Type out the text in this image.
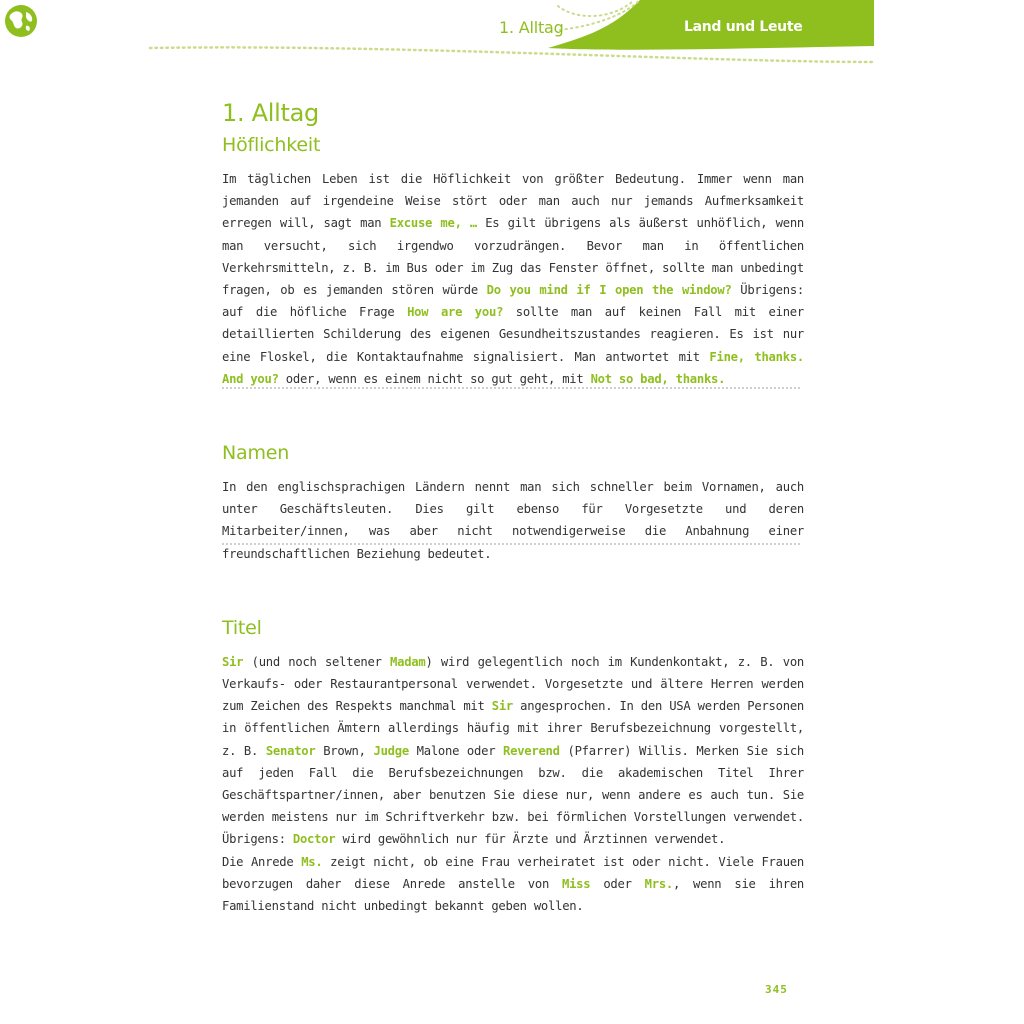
1. Alltag	Land und Leute
1. Alltag
Höflichkeit

Im täglichen Leben ist die Höflichkeit von größter Bedeutung. Immer wenn man jemanden auf irgendeine Weise stört oder man auch nur jemands Aufmerksamkeit erregen will, sagt man Excuse me, … Es gilt übrigens als äußerst unhöflich, wenn man versucht, sich irgendwo vorzudrängen. Bevor man in öffentlichen Verkehrsmitteln, z. B. im Bus oder im Zug das Fenster öffnet, sollte man unbedingt fragen, ob es jemanden stören würde Do you mind if I open the window? Übrigens: auf die höfliche Frage How are you? sollte man auf keinen Fall mit einer detaillierten Schilderung des eigenen Gesundheitszustandes reagieren. Es ist nur eine Floskel, die Kontaktaufnahme signalisiert. Man antwortet mit Fine, thanks. And you? oder, wenn es einem nicht so gut geht, mit Not so bad, thanks.

Namen

In den englischsprachigen Ländern nennt man sich schneller beim Vornamen, auch unter Geschäftsleuten. Dies gilt ebenso für Vorgesetzte und deren Mitarbeiter/innen, was aber nicht notwendigerweise die Anbahnung einer freundschaftlichen Beziehung bedeutet.

Titel

Sir (und noch seltener Madam) wird gelegentlich noch im Kundenkontakt, z. B. von Verkaufs- oder Restaurantpersonal verwendet. Vorgesetzte und ältere Herren werden zum Zeichen des Respekts manchmal mit Sir angesprochen. In den USA werden Personen in öffentlichen Ämtern allerdings häufig mit ihrer Berufsbezeichnung vorgestellt, z. B. Senator Brown, Judge Malone oder Reverend (Pfarrer) Willis. Merken Sie sich auf jeden Fall die Berufsbezeichnungen bzw. die akademischen Titel Ihrer Geschäftspartner/innen, aber benutzen Sie diese nur, wenn andere es auch tun. Sie werden meistens nur im Schriftverkehr bzw. bei förmlichen Vorstellungen verwendet. Übrigens: Doctor wird gewöhnlich nur für Ärzte und Ärztinnen verwendet.

Die Anrede Ms. zeigt nicht, ob eine Frau verheiratet ist oder nicht. Viele Frauen bevorzugen daher diese Anrede anstelle von Miss oder Mrs., wenn sie ihren Familienstand nicht unbedingt bekannt geben wollen.

345
